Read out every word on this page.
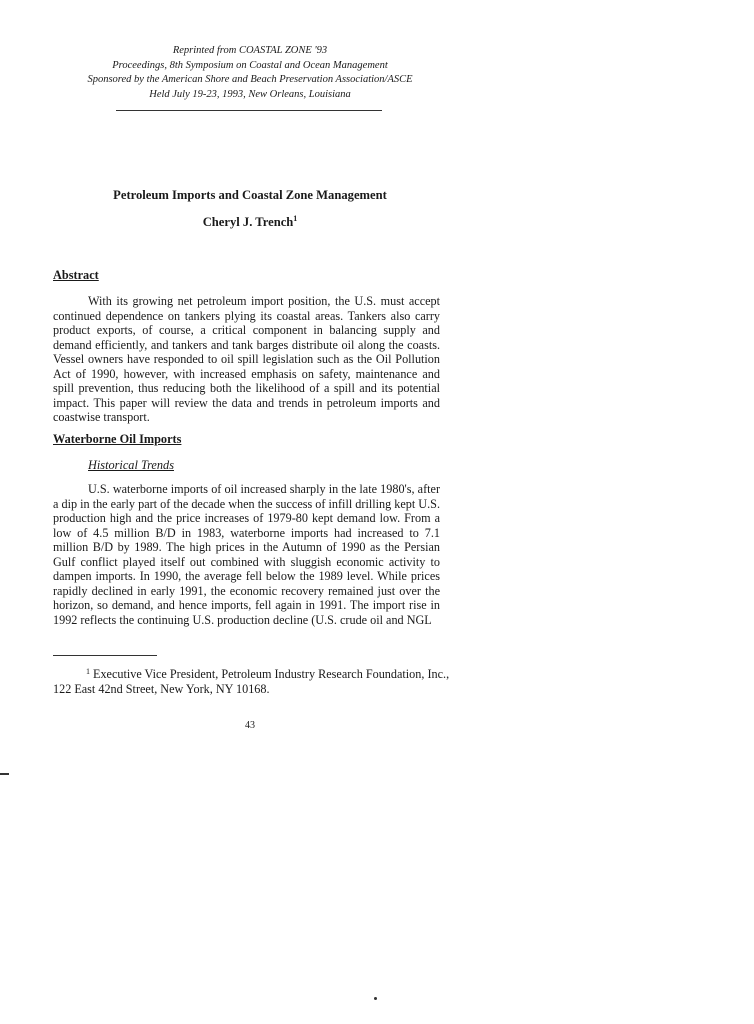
Reprinted from COASTAL ZONE '93
Proceedings, 8th Symposium on Coastal and Ocean Management
Sponsored by the American Shore and Beach Preservation Association/ASCE
Held July 19-23, 1993, New Orleans, Louisiana
Petroleum Imports and Coastal Zone Management
Cheryl J. Trench$^1$
Abstract

With its growing net petroleum import position, the U.S. must accept continued dependence on tankers plying its coastal areas. Tankers also carry product exports, of course, a critical component in balancing supply and demand efficiently, and tankers and tank barges distribute oil along the coasts. Vessel owners have responded to oil spill legislation such as the Oil Pollution Act of 1990, however, with increased emphasis on safety, maintenance and spill prevention, thus reducing both the likelihood of a spill and its potential impact. This paper will review the data and trends in petroleum imports and coastwise transport.

Waterborne Oil Imports
Historical Trends

U.S. waterborne imports of oil increased sharply in the late 1980's, after a dip in the early part of the decade when the success of infill drilling kept U.S. production high and the price increases of 1979-80 kept demand low. From a low of 4.5 million B/D in 1983, waterborne imports had increased to 7.1 million B/D by 1989. The high prices in the Autumn of 1990 as the Persian Gulf conflict played itself out combined with sluggish economic activity to dampen imports. In 1990, the average fell below the 1989 level. While prices rapidly declined in early 1991, the economic recovery remained just over the horizon, so demand, and hence imports, fell again in 1991. The import rise in 1992 reflects the continuing U.S. production decline (U.S. crude oil and NGL

$^1$ Executive Vice President, Petroleum Industry Research Foundation, Inc., 122 East 42nd Street, New York, NY 10168.

43
